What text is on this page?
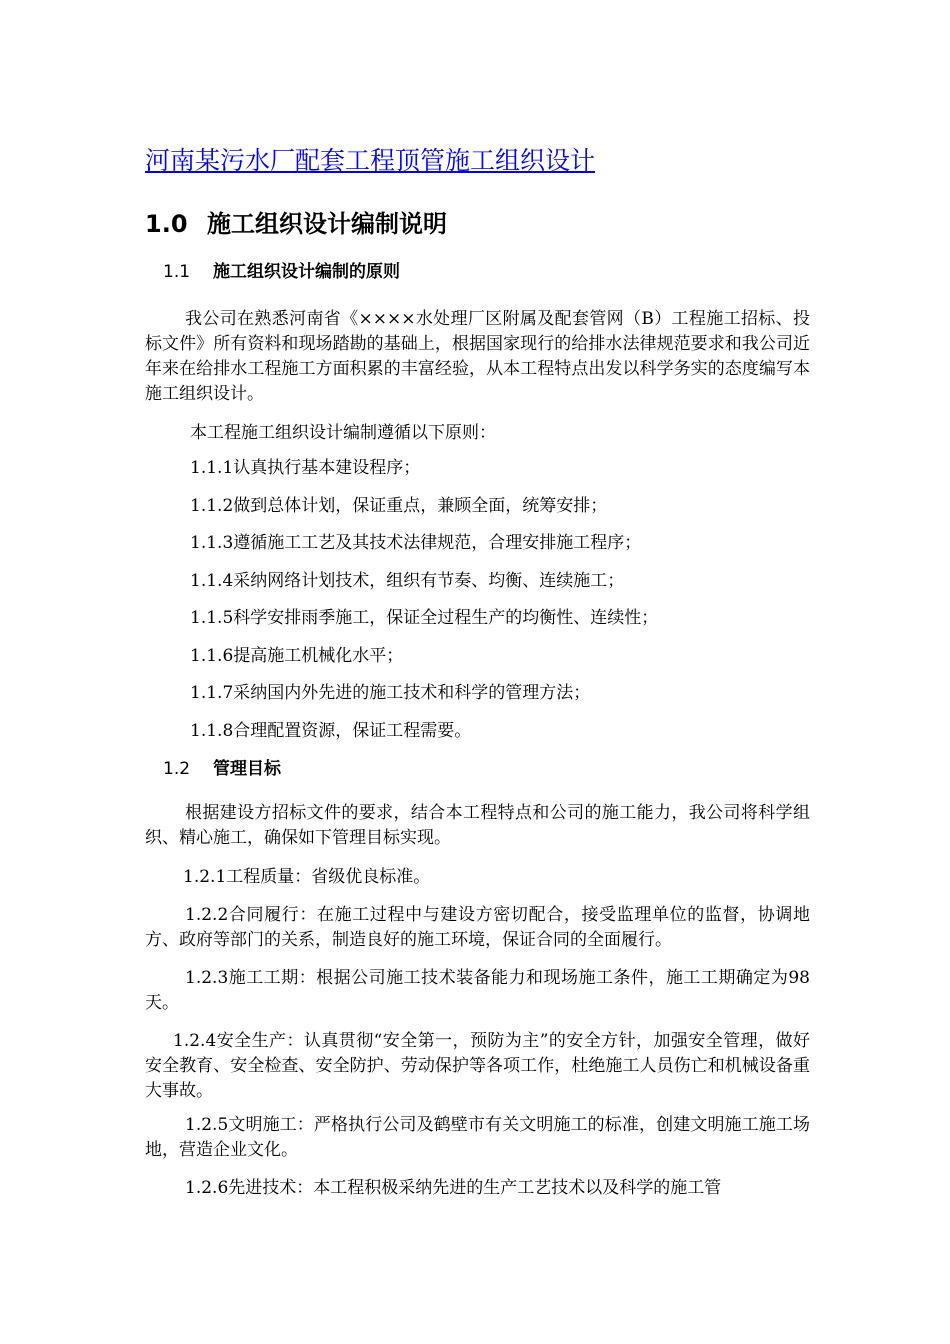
河南某污水厂配套工程顶管施工组织设计
1.0 施工组织设计编制说明
1.1 施工组织设计编制的原则
我公司在熟悉河南省《××××水处理厂区附属及配套管网（B）工程施工招标、投标文件》所有资料和现场踏勘的基础上，根据国家现行的给排水法律规范要求和我公司近年来在给排水工程施工方面积累的丰富经验，从本工程特点出发以科学务实的态度编写本施工组织设计。
本工程施工组织设计编制遵循以下原则：
1.1.1认真执行基本建设程序；
1.1.2做到总体计划，保证重点，兼顾全面，统筹安排；
1.1.3遵循施工工艺及其技术法律规范，合理安排施工程序；
1.1.4采纳网络计划技术，组织有节奏、均衡、连续施工；
1.1.5科学安排雨季施工，保证全过程生产的均衡性、连续性；
1.1.6提高施工机械化水平；
1.1.7采纳国内外先进的施工技术和科学的管理方法；
1.1.8合理配置资源，保证工程需要。
1.2 管理目标
根据建设方招标文件的要求，结合本工程特点和公司的施工能力，我公司将科学组织、精心施工，确保如下管理目标实现。
1.2.1工程质量：省级优良标准。
1.2.2合同履行：在施工过程中与建设方密切配合，接受监理单位的监督，协调地方、政府等部门的关系，制造良好的施工环境，保证合同的全面履行。
1.2.3施工工期：根据公司施工技术装备能力和现场施工条件，施工工期确定为98天。
1.2.4安全生产：认真贯彻“安全第一，预防为主”的安全方针，加强安全管理，做好安全教育、安全检查、安全防护、劳动保护等各项工作，杜绝施工人员伤亡和机械设备重大事故。
1.2.5文明施工：严格执行公司及鹤壁市有关文明施工的标准，创建文明施工施工场地，营造企业文化。
1.2.6先进技术：本工程积极采纳先进的生产工艺技术以及科学的施工管
